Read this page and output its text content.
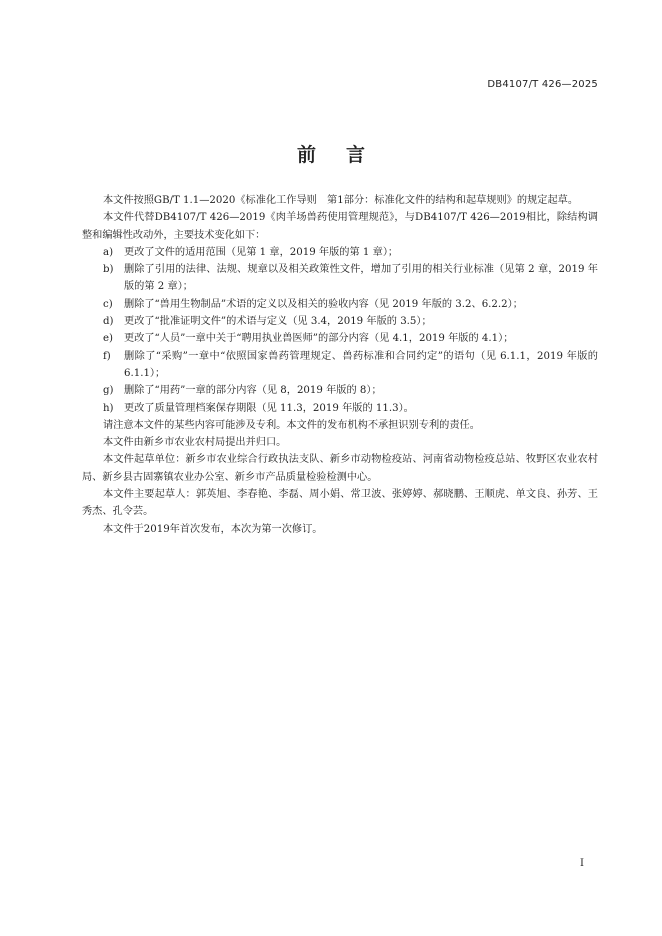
DB4107/T 426—2025
前 言

本文件按照GB/T 1.1—2020《标准化工作导则　第1部分：标准化文件的结构和起草规则》的规定起草。

本文件代替DB4107/T 426—2019《肉羊场兽药使用管理规范》，与DB4107/T 426—2019相比，除结构调整和编辑性改动外，主要技术变化如下：

a)	更改了文件的适用范围（见第 1 章，2019 年版的第 1 章）；
b)	删除了引用的法律、法规、规章以及相关政策性文件，增加了引用的相关行业标准（见第 2 章，2019 年版的第 2 章）；
c)	删除了“兽用生物制品”术语的定义以及相关的验收内容（见 2019 年版的 3.2、6.2.2）；
d)	更改了“批准证明文件”的术语与定义（见 3.4，2019 年版的 3.5）；
e)	更改了“人员”一章中关于“聘用执业兽医师”的部分内容（见 4.1，2019 年版的 4.1）；
f)	删除了“采购”一章中“依照国家兽药管理规定、兽药标准和合同约定”的语句（见 6.1.1，2019 年版的 6.1.1）；
g)	删除了“用药”一章的部分内容（见 8，2019 年版的 8）；
h)	更改了质量管理档案保存期限（见 11.3，2019 年版的 11.3）。

请注意本文件的某些内容可能涉及专利。本文件的发布机构不承担识别专利的责任。

本文件由新乡市农业农村局提出并归口。

本文件起草单位：新乡市农业综合行政执法支队、新乡市动物检疫站、河南省动物检疫总站、牧野区农业农村局、新乡县古固寨镇农业办公室、新乡市产品质量检验检测中心。

本文件主要起草人：郭英旭、李春艳、李磊、周小娟、常卫波、张婷婷、郝晓鹏、王顺虎、单文良、孙芳、王秀杰、孔令芸。

本文件于2019年首次发布，本次为第一次修订。

I
